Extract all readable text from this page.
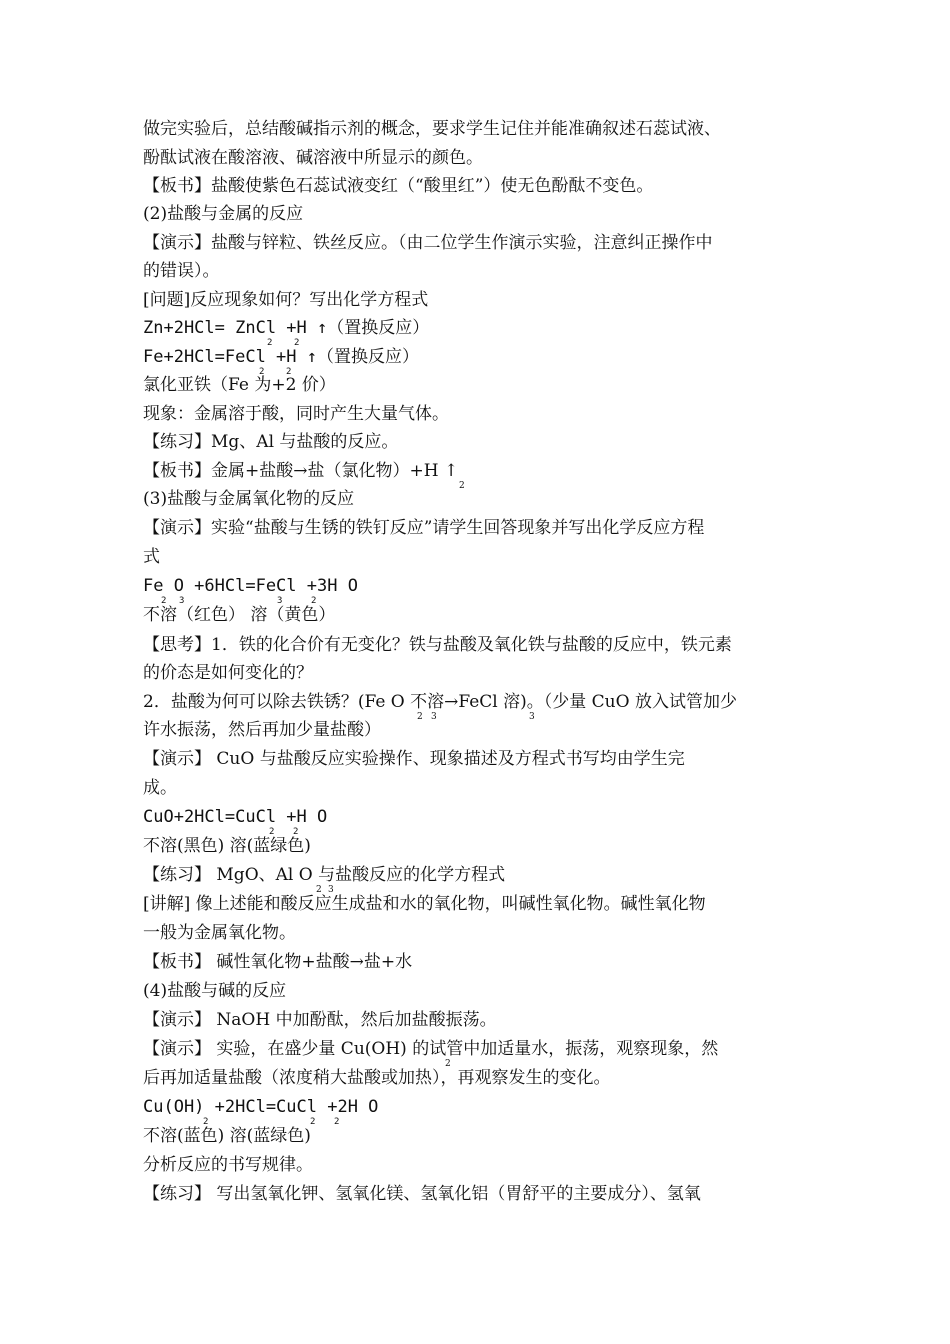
做完实验后，总结酸碱指示剂的概念，要求学生记住并能准确叙述石蕊试液、
酚酞试液在酸溶液、碱溶液中所显示的颜色。
【板书】盐酸使紫色石蕊试液变红（“酸里红”）使无色酚酞不变色。
(2)盐酸与金属的反应
【演示】盐酸与锌粒、铁丝反应。（由二位学生作演示实验，注意纠正操作中
的错误）。
[问题]反应现象如何？写出化学方程式
Zn+2HCl= ZnCl +H ↑（置换反应）
2 2
Fe+2HCl=FeCl +H ↑（置换反应）
2 2
氯化亚铁（Fe 为+2 价）
现象：金属溶于酸，同时产生大量气体。
【练习】Mg、Al 与盐酸的反应。
【板书】金属+盐酸→盐（氯化物）+H ↑
2
(3)盐酸与金属氧化物的反应
【演示】实验“盐酸与生锈的铁钉反应”请学生回答现象并写出化学反应方程
式
Fe O +6HCl=FeCl +3H O
2 3	3	2
不溶（红色） 溶（黄色）
【思考】1．铁的化合价有无变化？铁与盐酸及氧化铁与盐酸的反应中，铁元素
的价态是如何变化的？
2．盐酸为何可以除去铁锈？(Fe O 不溶→FeCl 溶)。（少量 CuO 放入试管加少
2 3	3
许水振荡，然后再加少量盐酸）
【演示】 CuO 与盐酸反应实验操作、现象描述及方程式书写均由学生完
成。
CuO+2HCl=CuCl +H O
2 2
不溶(黑色) 溶(蓝绿色)
【练习】 MgO、Al O 与盐酸反应的化学方程式
2 3
[讲解] 像上述能和酸反应生成盐和水的氧化物，叫碱性氧化物。碱性氧化物
一般为金属氧化物。
【板书】 碱性氧化物+盐酸→盐+水
(4)盐酸与碱的反应
【演示】 NaOH 中加酚酞，然后加盐酸振荡。
【演示】 实验，在盛少量 Cu(OH) 的试管中加适量水，振荡，观察现象，然
2
后再加适量盐酸（浓度稍大盐酸或加热），再观察发生的变化。
Cu(OH) +2HCl=CuCl +2H O
2	2 2
不溶(蓝色) 溶(蓝绿色)
分析反应的书写规律。
【练习】 写出氢氧化钾、氢氧化镁、氢氧化铝（胃舒平的主要成分）、氢氧
